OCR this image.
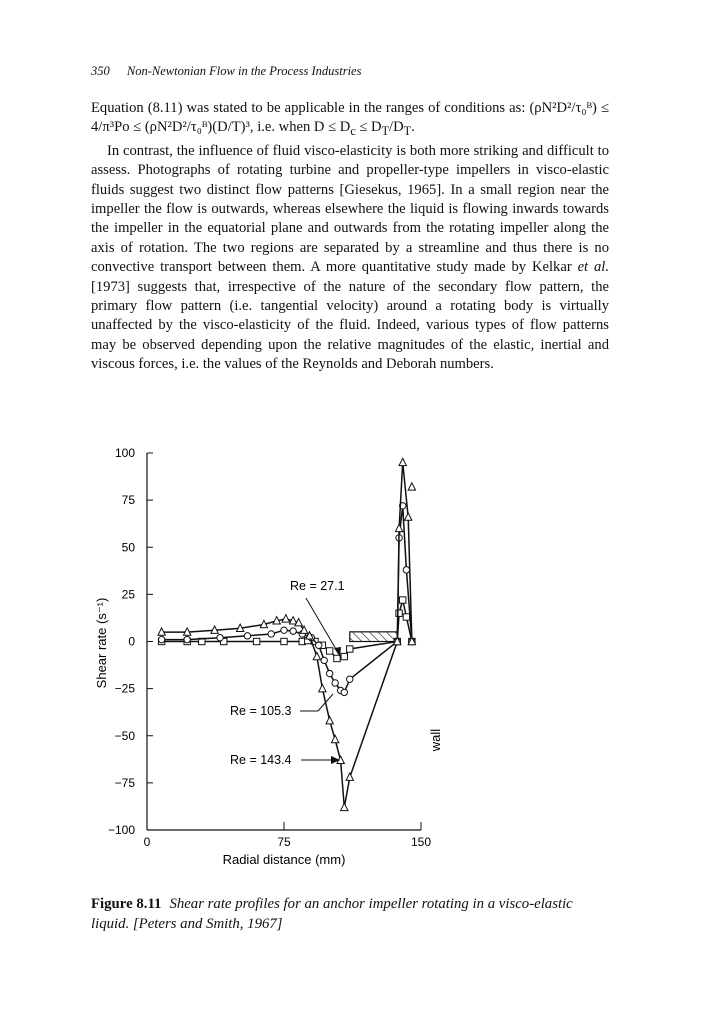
350 Non-Newtonian Flow in the Process Industries

Equation (8.11) was stated to be applicable in the ranges of conditions as: (ρN²D²/τ₀ᴮ) ≤ 4/π³Po ≤ (ρN²D²/τ₀ᴮ)(D/T)³, i.e. when $D \le D_c \le D_T/D_T$.

In contrast, the influence of fluid visco-elasticity is both more striking and difficult to assess. Photographs of rotating turbine and propeller-type impellers in visco-elastic fluids suggest two distinct flow patterns [Giesekus, 1965]. In a small region near the impeller the flow is outwards, whereas elsewhere the liquid is flowing inwards towards the impeller in the equatorial plane and outwards from the rotating impeller along the axis of rotation. The two regions are separated by a streamline and thus there is no convective transport between them. A more quantitative study made by Kelkar et al. [1973] suggests that, irrespective of the nature of the secondary flow pattern, the primary flow pattern (i.e. tangential velocity) around a rotating body is virtually unaffected by the visco-elasticity of the fluid. Indeed, various types of flow patterns may be observed depending upon the relative magnitudes of the elastic, inertial and viscous forces, i.e. the values of the Reynolds and Deborah numbers.

100
75
50
25
0
−25
−50
−75
−100
0	75	150
Re = 27.1
Re = 105.3
Re = 143.4
Shear rate (s⁻¹)
Radial distance (mm)
wall
Figure 8.11 Shear rate profiles for an anchor impeller rotating in a visco-elastic liquid. [Peters and Smith, 1967]
